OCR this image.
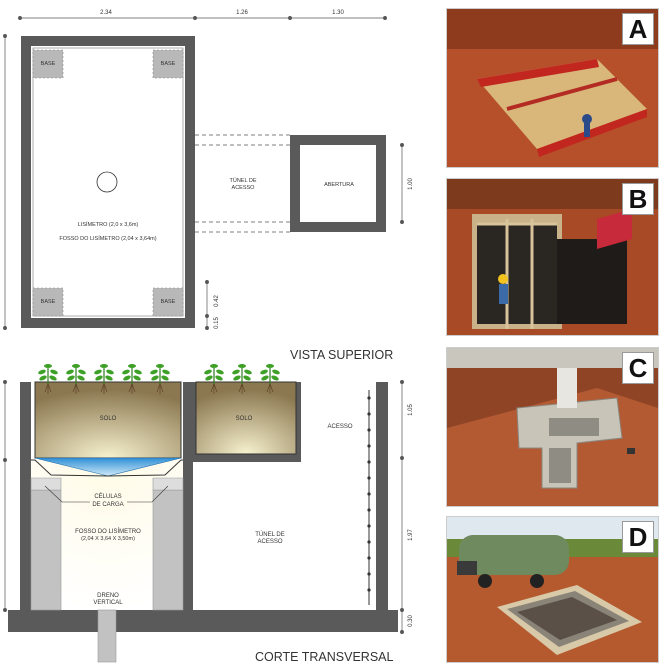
2.34	1.26	1.30
BASE	BASE
BASE	BASE
LISÍMETRO (2,0 x 3,6m)
FOSSO DO LISÍMETRO (2,04 x 3,64m)
TÚNEL DE
ACESSO	ABERTURA	1.00
0.42
0.15
VISTA SUPERIOR
SOLO
CÉLULAS
DE CARGA
FOSSO DO LISÍMETRO
(2,04 X 3,64 X 3,50m)
DRENO
VERTICAL
SOLO
ACESSO
TÚNEL DE
ACESSO
1.05
1.97
0.30
CORTE TRANSVERSAL
A
B
C
D
